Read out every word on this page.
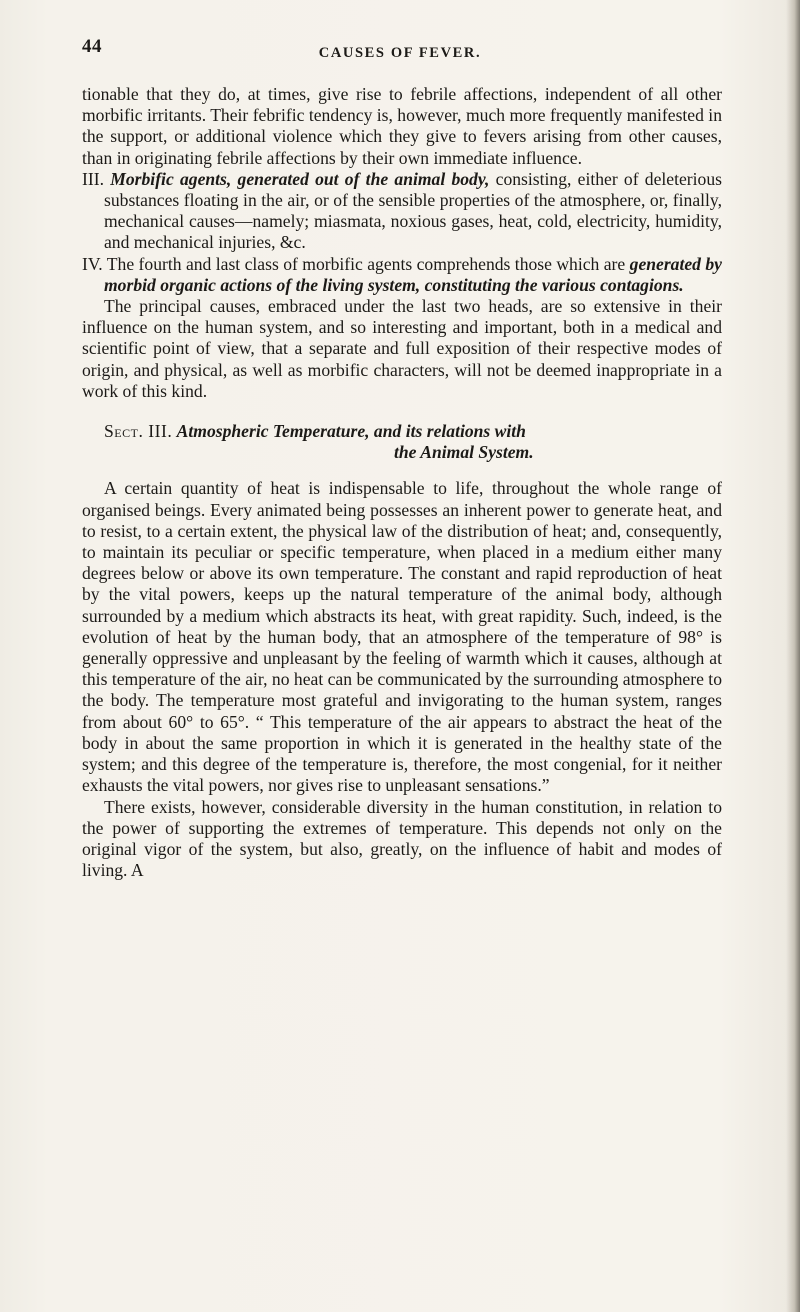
44	CAUSES OF FEVER.

tionable that they do, at times, give rise to febrile affections, independent of all other morbific irritants. Their febrific tendency is, however, much more frequently manifested in the support, or additional violence which they give to fevers arising from other causes, than in originating febrile affections by their own immediate influence.

III. Morbific agents, generated out of the animal body, consisting, either of deleterious substances floating in the air, or of the sensible properties of the atmosphere, or, finally, mechanical causes—namely; miasmata, noxious gases, heat, cold, electricity, humidity, and mechanical injuries, &c.

IV. The fourth and last class of morbific agents comprehends those which are generated by morbid organic actions of the living system, constituting the various contagions.

The principal causes, embraced under the last two heads, are so extensive in their influence on the human system, and so interesting and important, both in a medical and scientific point of view, that a separate and full exposition of their respective modes of origin, and physical, as well as morbific characters, will not be deemed inappropriate in a work of this kind.

Sect. III. Atmospheric Temperature, and its relations with
the Animal System.

A certain quantity of heat is indispensable to life, throughout the whole range of organised beings. Every animated being possesses an inherent power to generate heat, and to resist, to a certain extent, the physical law of the distribution of heat; and, consequently, to maintain its peculiar or specific temperature, when placed in a medium either many degrees below or above its own temperature. The constant and rapid reproduction of heat by the vital powers, keeps up the natural temperature of the animal body, although surrounded by a medium which abstracts its heat, with great rapidity. Such, indeed, is the evolution of heat by the human body, that an atmosphere of the temperature of 98° is generally oppressive and unpleasant by the feeling of warmth which it causes, although at this temperature of the air, no heat can be communicated by the surrounding atmosphere to the body. The temperature most grateful and invigorating to the human system, ranges from about 60° to 65°. “ This temperature of the air appears to abstract the heat of the body in about the same proportion in which it is generated in the healthy state of the system; and this degree of the temperature is, therefore, the most congenial, for it neither exhausts the vital powers, nor gives rise to unpleasant sensations.”

There exists, however, considerable diversity in the human constitution, in relation to the power of supporting the extremes of temperature. This depends not only on the original vigor of the system, but also, greatly, on the influence of habit and modes of living. A
